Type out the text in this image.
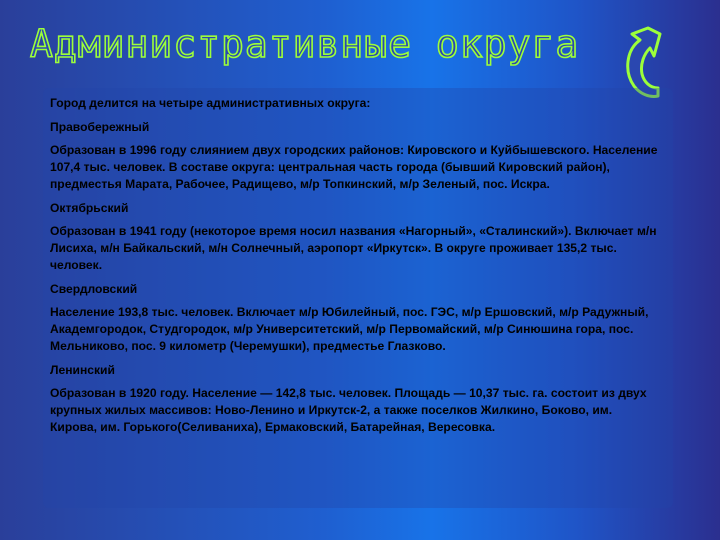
Административные округа

Город делится на четыре административных округа:

Правобережный

Образован в 1996 году слиянием двух городских районов: Кировского и Куйбышевского. Население 107,4 тыс. человек. В составе округа: центральная часть города (бывший Кировский район), предместья Марата, Рабочее, Радищево, м/р Топкинский, м/р Зеленый, пос. Искра.

Октябрьский

Образован в 1941 году (некоторое время носил названия «Нагорный», «Сталинский»). Включает м/н Лисиха, м/н Байкальский, м/н Солнечный, аэропорт «Иркутск». В округе проживает 135,2 тыс. человек.

Свердловский

Население 193,8 тыс. человек. Включает м/р Юбилейный, пос. ГЭС, м/р Ершовский, м/р Радужный, Академгородок, Студгородок, м/р Университетский, м/р Первомайский, м/р Синюшина гора, пос. Мельниково, пос. 9 километр (Черемушки), предместье Глазково.

Ленинский

Образован в 1920 году. Население — 142,8 тыс. человек. Площадь — 10,37 тыс. га. состоит из двух крупных жилых массивов: Ново-Ленино и Иркутск-2, а также поселков Жилкино, Боково, им. Кирова, им. Горького(Селиваниха), Ермаковский, Батарейная, Вересовка.
